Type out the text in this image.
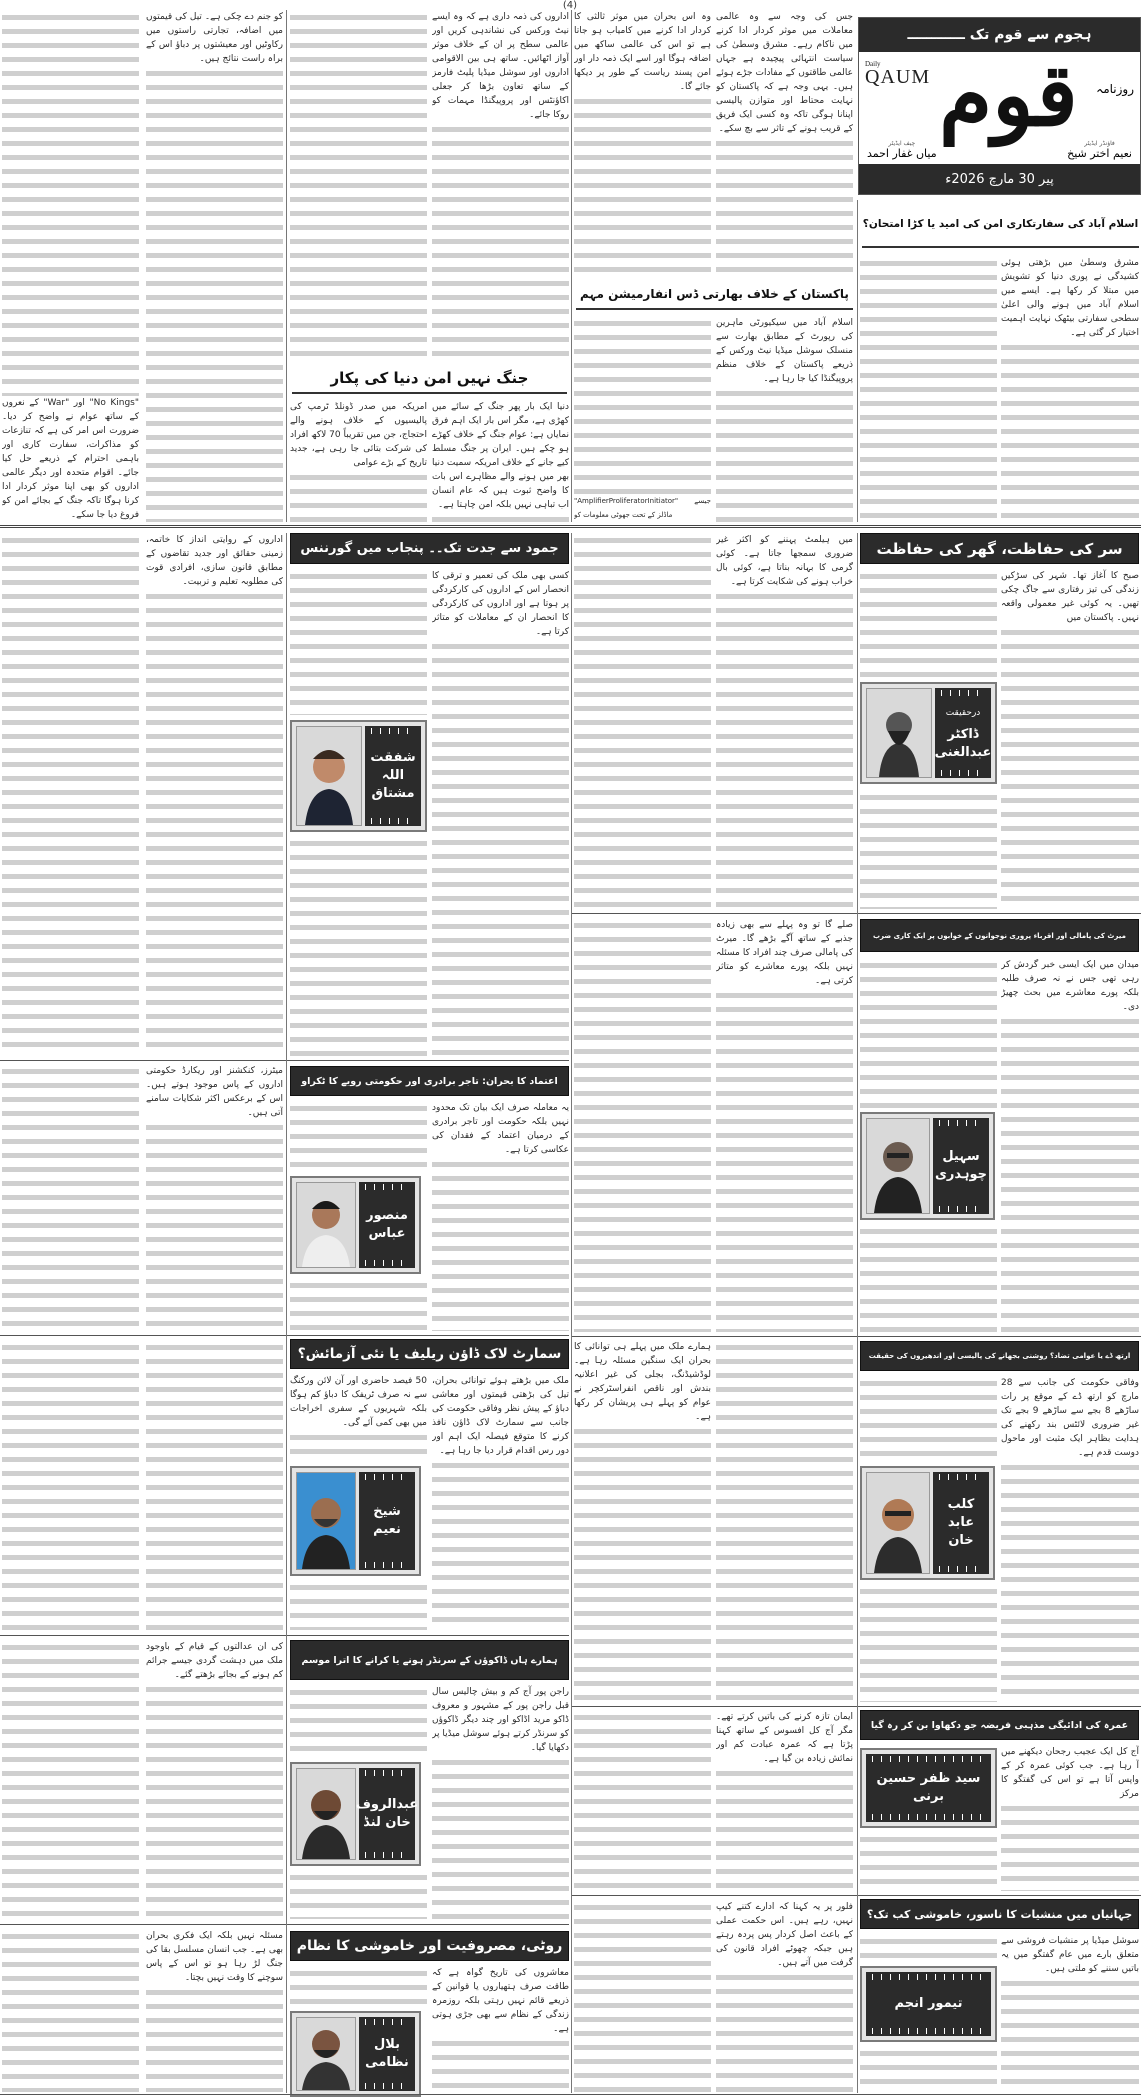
(4)
ہجوم سے قوم تک ــــــــــــ
Daily
QAUM قوم روزنامہ
چیف ایڈیٹر
میاں غفار احمد
فاؤنڈر ایڈیٹر
نعیم اختر شیخ
پیر 30 مارچ 2026ء
اسلام آباد کی سفارتکاری امن کی امید یا کڑا امتحان؟

مشرق وسطیٰ میں بڑھتی ہوئی کشیدگی نے پوری دنیا کو تشویش میں مبتلا کر رکھا ہے۔ ایسے میں اسلام آباد میں ہونے والی اعلیٰ سطحی سفارتی بیٹھک نہایت اہمیت اختیار کر گئی ہے۔

جس کی وجہ سے وہ عالمی معاملات میں موثر کردار ادا کرنے میں ناکام رہے۔ مشرق وسطیٰ کی سیاست انتہائی پیچیدہ ہے جہاں عالمی طاقتوں کے مفادات جڑے ہوئے ہیں۔ یہی وجہ ہے کہ پاکستان کو نہایت محتاط اور متوازن پالیسی اپنانا ہوگی تاکہ وہ کسی ایک فریق کے قریب ہونے کے تاثر سے بچ سکے۔

وہ اس بحران میں موثر ثالثی کا کردار ادا کرنے میں کامیاب ہو جاتا ہے تو اس کی عالمی ساکھ میں اضافہ ہوگا اور اسے ایک ذمہ دار اور امن پسند ریاست کے طور پر دیکھا جائے گا۔

پاکستان کے خلاف بھارتی ڈس انفارمیشن مہم

اسلام آباد میں سیکیورٹی ماہرین کی رپورٹ کے مطابق بھارت سے منسلک سوشل میڈیا نیٹ ورکس کے ذریعے پاکستان کے خلاف منظم پروپیگنڈا کیا جا رہا ہے۔

"AmplifierProliferatorInitiator" جیسے ماڈلز کے تحت جھوٹی معلومات کو

اداروں کی ذمہ داری ہے کہ وہ ایسے نیٹ ورکس کی نشاندہی کریں اور عالمی سطح پر ان کے خلاف موثر آواز اٹھائیں۔ ساتھ ہی بین الاقوامی اداروں اور سوشل میڈیا پلیٹ فارمز کے ساتھ تعاون بڑھا کر جعلی اکاؤنٹس اور پروپیگنڈا مہمات کو روکا جائے۔

جنگ نہیں امن دنیا کی پکار

دنیا ایک بار پھر جنگ کے سائے میں کھڑی ہے، مگر اس بار ایک اہم فرق نمایاں ہے: عوام جنگ کے خلاف کھڑے ہو چکے ہیں۔ ایران پر جنگ مسلط کیے جانے کے خلاف امریکہ سمیت دنیا بھر میں ہونے والے مظاہرے اس بات کا واضح ثبوت ہیں کہ عام انسان اب تباہی نہیں بلکہ امن چاہتا ہے۔

امریکہ میں صدر ڈونلڈ ٹرمپ کی پالیسیوں کے خلاف ہونے والے احتجاج، جن میں تقریباً 70 لاکھ افراد کی شرکت بتائی جا رہی ہے، جدید تاریخ کے بڑے عوامی

کو جنم دے چکی ہے۔ تیل کی قیمتوں میں اضافہ، تجارتی راستوں میں رکاوٹیں اور معیشتوں پر دباؤ اس کے براہ راست نتائج ہیں۔

"No Kings" اور "War" کے نعروں کے ساتھ عوام نے واضح کر دیا۔ ضرورت اس امر کی ہے کہ تنازعات کو مذاکرات، سفارت کاری اور باہمی احترام کے ذریعے حل کیا جائے۔ اقوام متحدہ اور دیگر عالمی اداروں کو بھی اپنا موثر کردار ادا کرنا ہوگا تاکہ جنگ کے بجائے امن کو فروغ دیا جا سکے۔

سر کی حفاظت، گھر کی حفاظت

صبح کا آغاز تھا۔ شہر کی سڑکیں زندگی کی تیز رفتاری سے جاگ چکی تھیں۔ یہ کوئی غیر معمولی واقعہ نہیں۔ پاکستان میں

درحقیقت
ڈاکٹر عبدالغنی

میں ہیلمٹ پہننے کو اکثر غیر ضروری سمجھا جاتا ہے۔ کوئی گرمی کا بہانہ بناتا ہے، کوئی بال خراب ہونے کی شکایت کرتا ہے۔

میرٹ کی پامالی اور اقرباء پروری نوجوانوں کے خوابوں پر ایک کاری ضرب

میدان میں ایک ایسی خبر گردش کر رہی تھی جس نے نہ صرف طلبہ بلکہ پورے معاشرے میں بحث چھیڑ دی۔

سہیل چوہدری

صلے گا تو وہ پہلے سے بھی زیادہ جذبے کے ساتھ آگے بڑھے گا۔ میرٹ کی پامالی صرف چند افراد کا مسئلہ نہیں بلکہ پورے معاشرے کو متاثر کرتی ہے۔

ارتھ ڈے یا عوامی تضاد؟ روشنی بجھانے کی پالیسی اور اندھیروں کی حقیقت

وفاقی حکومت کی جانب سے 28 مارچ کو ارتھ ڈے کے موقع پر رات ساڑھے 8 بجے سے ساڑھے 9 بجے تک غیر ضروری لائٹس بند رکھنے کی ہدایت بظاہر ایک مثبت اور ماحول دوست قدم ہے۔

کلب عابد خان

ہمارے ملک میں پہلے ہی توانائی کا بحران ایک سنگین مسئلہ رہا ہے۔ لوڈشیڈنگ، بجلی کی غیر اعلانیہ بندش اور ناقص انفراسٹرکچر نے عوام کو پہلے ہی پریشان کر رکھا ہے۔

عمرہ کی ادائیگی مذہبی فریضہ جو دکھاوا بن کر رہ گیا

آج کل ایک عجیب رجحان دیکھنے میں آ رہا ہے۔ جب کوئی عمرہ کر کے واپس آتا ہے تو اس کی گفتگو کا مرکز

سید ظفر حسین برنی

ایمان تازہ کرنے کی باتیں کرتے تھے۔ مگر آج کل افسوس کے ساتھ کہنا پڑتا ہے کہ عمرہ عبادت کم اور نمائش زیادہ بن گیا ہے۔

جہانیاں میں منشیات کا ناسور، خاموشی کب تک؟

سوشل میڈیا پر منشیات فروشی سے متعلق بارے میں عام گفتگو میں یہ باتیں سننے کو ملتی ہیں۔

تیمور انجم

فلور پر یہ کہنا کہ ادارے کتنے کیپ نہیں، رہے ہیں۔ اس حکمت عملی کے باعث اصل کردار پس پردہ رہتے ہیں جبکہ چھوٹے افراد قانون کی گرفت میں آتے ہیں۔

جمود سے جدت تک۔۔ پنجاب میں گورننس

کسی بھی ملک کی تعمیر و ترقی کا انحصار اس کے اداروں کی کارکردگی پر ہوتا ہے اور اداروں کی کارکردگی کا انحصار ان کے معاملات کو متاثر کرتا ہے۔

شفقت اللہ مشتاق

اداروں کے روایتی انداز کا خاتمہ، زمینی حقائق اور جدید تقاضوں کے مطابق قانون سازی، افرادی قوت کی مطلوبہ تعلیم و تربیت۔

اعتماد کا بحران: تاجر برادری اور حکومتی رویے کا ٹکراو

یہ معاملہ صرف ایک بیان تک محدود نہیں بلکہ حکومت اور تاجر برادری کے درمیان اعتماد کے فقدان کی عکاسی کرتا ہے۔

منصور عباس

میٹرز، کنکشنز اور ریکارڈ حکومتی اداروں کے پاس موجود ہوتے ہیں۔ اس کے برعکس اکثر شکایات سامنے آتی ہیں۔

سمارٹ لاک ڈاؤن ریلیف یا نئی آزمائش؟

ملک میں بڑھتے ہوئے توانائی بحران، تیل کی بڑھتی قیمتوں اور معاشی دباؤ کے پیش نظر وفاقی حکومت کی جانب سے سمارٹ لاک ڈاؤن نافذ کرنے کا متوقع فیصلہ ایک اہم اور دور رس اقدام قرار دیا جا رہا ہے۔

50 فیصد حاضری اور آن لائن ورکنگ سے نہ صرف ٹریفک کا دباؤ کم ہوگا بلکہ شہریوں کے سفری اخراجات میں بھی کمی آئے گی۔

شیخ نعیم
ہمارے ہاں ڈاکوؤں کے سرنڈر ہونے یا کرانے کا اترا موسم

راجن پور آج کم و بیش چالیس سال قبل راجن پور کے مشہور و معروف ڈاکو مرید اڈاکو اور چند دیگر ڈاکوؤں کو سرنڈر کرتے ہوئے سوشل میڈیا پر دکھایا گیا۔

عبدالروف خان لنڈ

کی ان عدالتوں کے قیام کے باوجود ملک میں دہشت گردی جیسے جرائم کم ہونے کے بجائے بڑھتے گئے۔

روٹی، مصروفیت اور خاموشی کا نظام

معاشروں کی تاریخ گواہ ہے کہ طاقت صرف ہتھیاروں یا قوانین کے ذریعے قائم نہیں رہتی بلکہ روزمرہ زندگی کے نظام سے بھی جڑی ہوتی ہے۔

بلال نظامی

مسئلہ نہیں بلکہ ایک فکری بحران بھی ہے۔ جب انسان مسلسل بقا کی جنگ لڑ رہا ہو تو اس کے پاس سوچنے کا وقت نہیں بچتا۔
